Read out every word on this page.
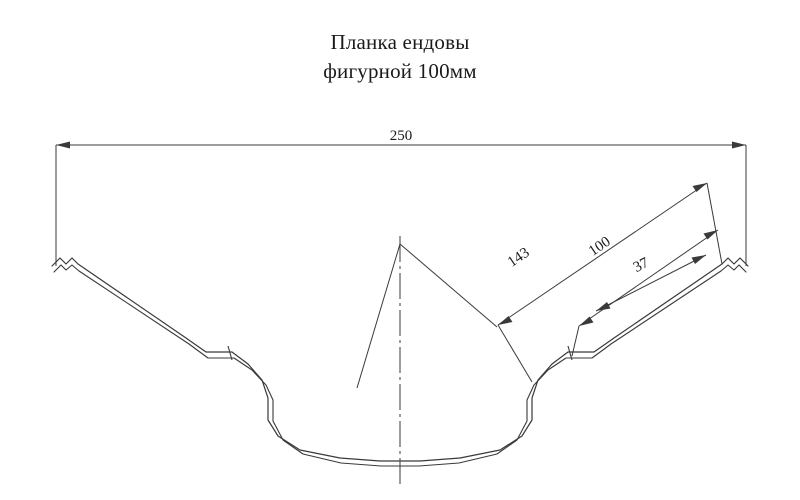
Планка ендовы
фигурной 100мм
250
143	100
37
